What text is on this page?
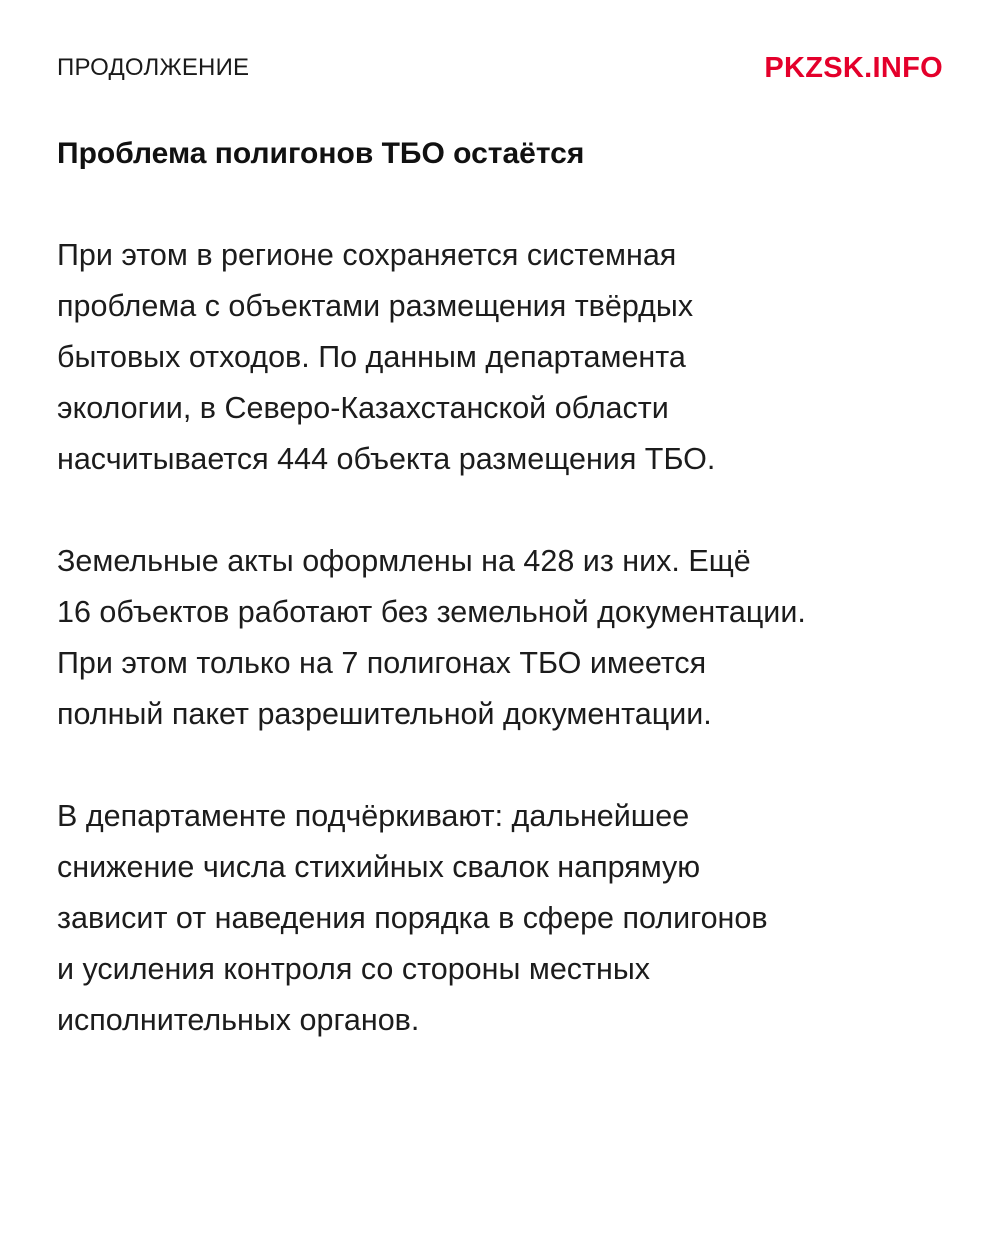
ПРОДОЛЖЕНИЕ	PKZSK.INFO
Проблема полигонов ТБО остаётся

При этом в регионе сохраняется системная
проблема с объектами размещения твёрдых
бытовых отходов. По данным департамента
экологии, в Северо-Казахстанской области
насчитывается 444 объекта размещения ТБО.

Земельные акты оформлены на 428 из них. Ещё
16 объектов работают без земельной документации.
При этом только на 7 полигонах ТБО имеется
полный пакет разрешительной документации.

В департаменте подчёркивают: дальнейшее
снижение числа стихийных свалок напрямую
зависит от наведения порядка в сфере полигонов
и усиления контроля со стороны местных
исполнительных органов.
